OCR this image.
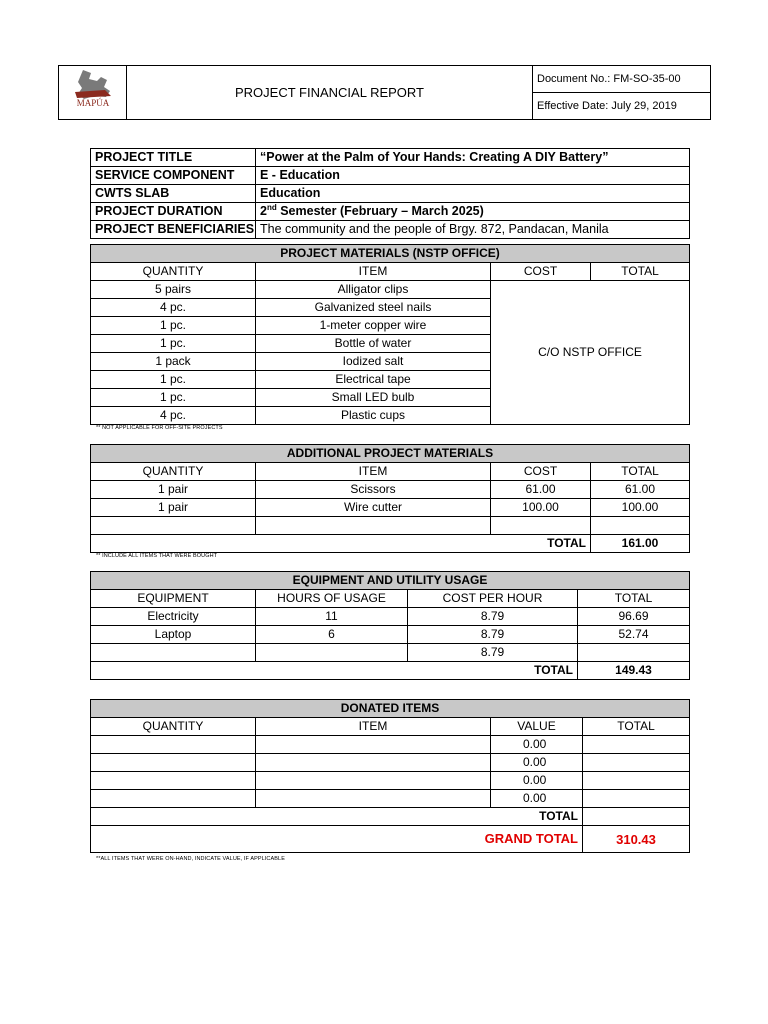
MAPÚA
	PROJECT FINANCIAL REPORT	Document No.: FM-SO-35-00
Effective Date: July 29, 2019
PROJECT TITLE	“Power at the Palm of Your Hands: Creating A DIY Battery”
SERVICE COMPONENT	E - Education
CWTS SLAB	Education
PROJECT DURATION	2nd Semester (February – March 2025)
PROJECT BENEFICIARIES	The community and the people of Brgy. 872, Pandacan, Manila
PROJECT MATERIALS (NSTP OFFICE)			
QUANTITY	ITEM	COST	TOTAL
5 pairs	Alligator clips	C/O NSTP OFFICE	
4 pc.	Galvanized steel nails		
1 pc.	1-meter copper wire		
1 pc.	Bottle of water		
1 pack	Iodized salt		
1 pc.	Electrical tape		
1 pc.	Small LED bulb		
4 pc.	Plastic cups		
** NOT APPLICABLE FOR OFF-SITE PROJECTS
ADDITIONAL PROJECT MATERIALS			
QUANTITY	ITEM	COST	TOTAL
1 pair	Scissors	61.00	61.00
1 pair	Wire cutter	100.00	100.00

TOTAL			161.00
** INCLUDE ALL ITEMS THAT WERE BOUGHT
EQUIPMENT AND UTILITY USAGE			
EQUIPMENT	HOURS OF USAGE	COST PER HOUR	TOTAL
Electricity	11	8.79	96.69
Laptop	6	8.79	52.74
		8.79	
TOTAL			149.43
DONATED ITEMS			
QUANTITY	ITEM	VALUE	TOTAL
		0.00	
		0.00	
		0.00	
		0.00	
TOTAL			
GRAND TOTAL			310.43
**ALL ITEMS THAT WERE ON-HAND, INDICATE VALUE, IF APPLICABLE
